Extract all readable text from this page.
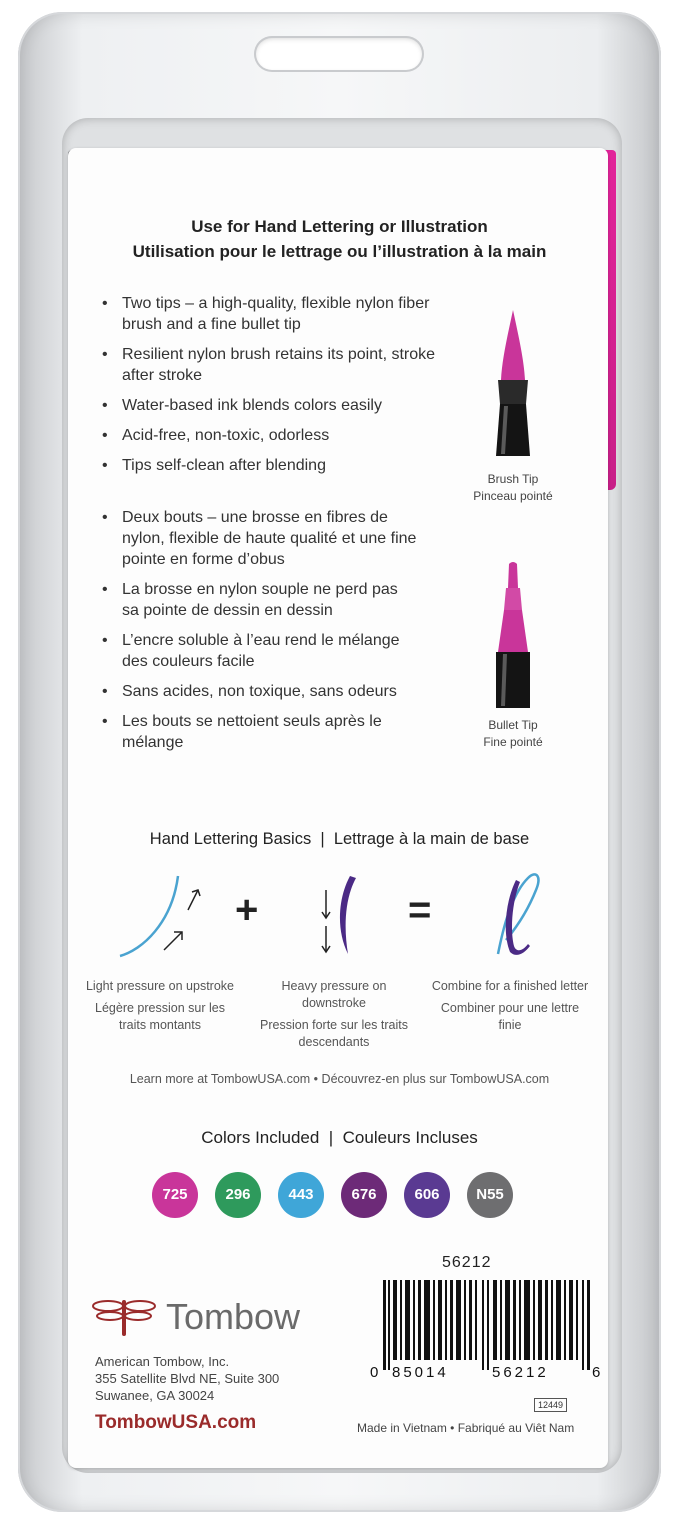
Use for Hand Lettering or Illustration
Utilisation pour le lettrage ou l’illustration à la main
• Two tips – a high-quality, flexible nylon fiber brush and a fine bullet tip
• Resilient nylon brush retains its point, stroke after stroke
• Water-based ink blends colors easily
• Acid-free, non-toxic, odorless
• Tips self-clean after blending
• Deux bouts – une brosse en fibres de nylon, flexible de haute qualité et une fine pointe en forme d’obus
• La brosse en nylon souple ne perd pas sa pointe de dessin en dessin
• L’encre soluble à l’eau rend le mélange des couleurs facile
• Sans acides, non toxique, sans odeurs
• Les bouts se nettoient seuls après le mélange
Brush Tip
Pinceau pointé
Bullet Tip
Fine pointé
Hand Lettering Basics  |  Lettrage à la main de base
+	=
Light pressure on upstroke
Légère pression sur les traits montants
Heavy pressure on downstroke
Pression forte sur les traits descendants
Combine for a finished letter
Combiner pour une lettre finie
Learn more at TombowUSA.com • Découvrez-en plus sur TombowUSA.com
Colors Included  |  Couleurs Incluses
725	296	443	676	606	N55
56212
Tombow
American Tombow, Inc.
355 Satellite Blvd NE, Suite 300
Suwanee, GA 30024
TombowUSA.com
0 85014	56212	6
12449
Made in Vietnam • Fabriqué au Viêt Nam
